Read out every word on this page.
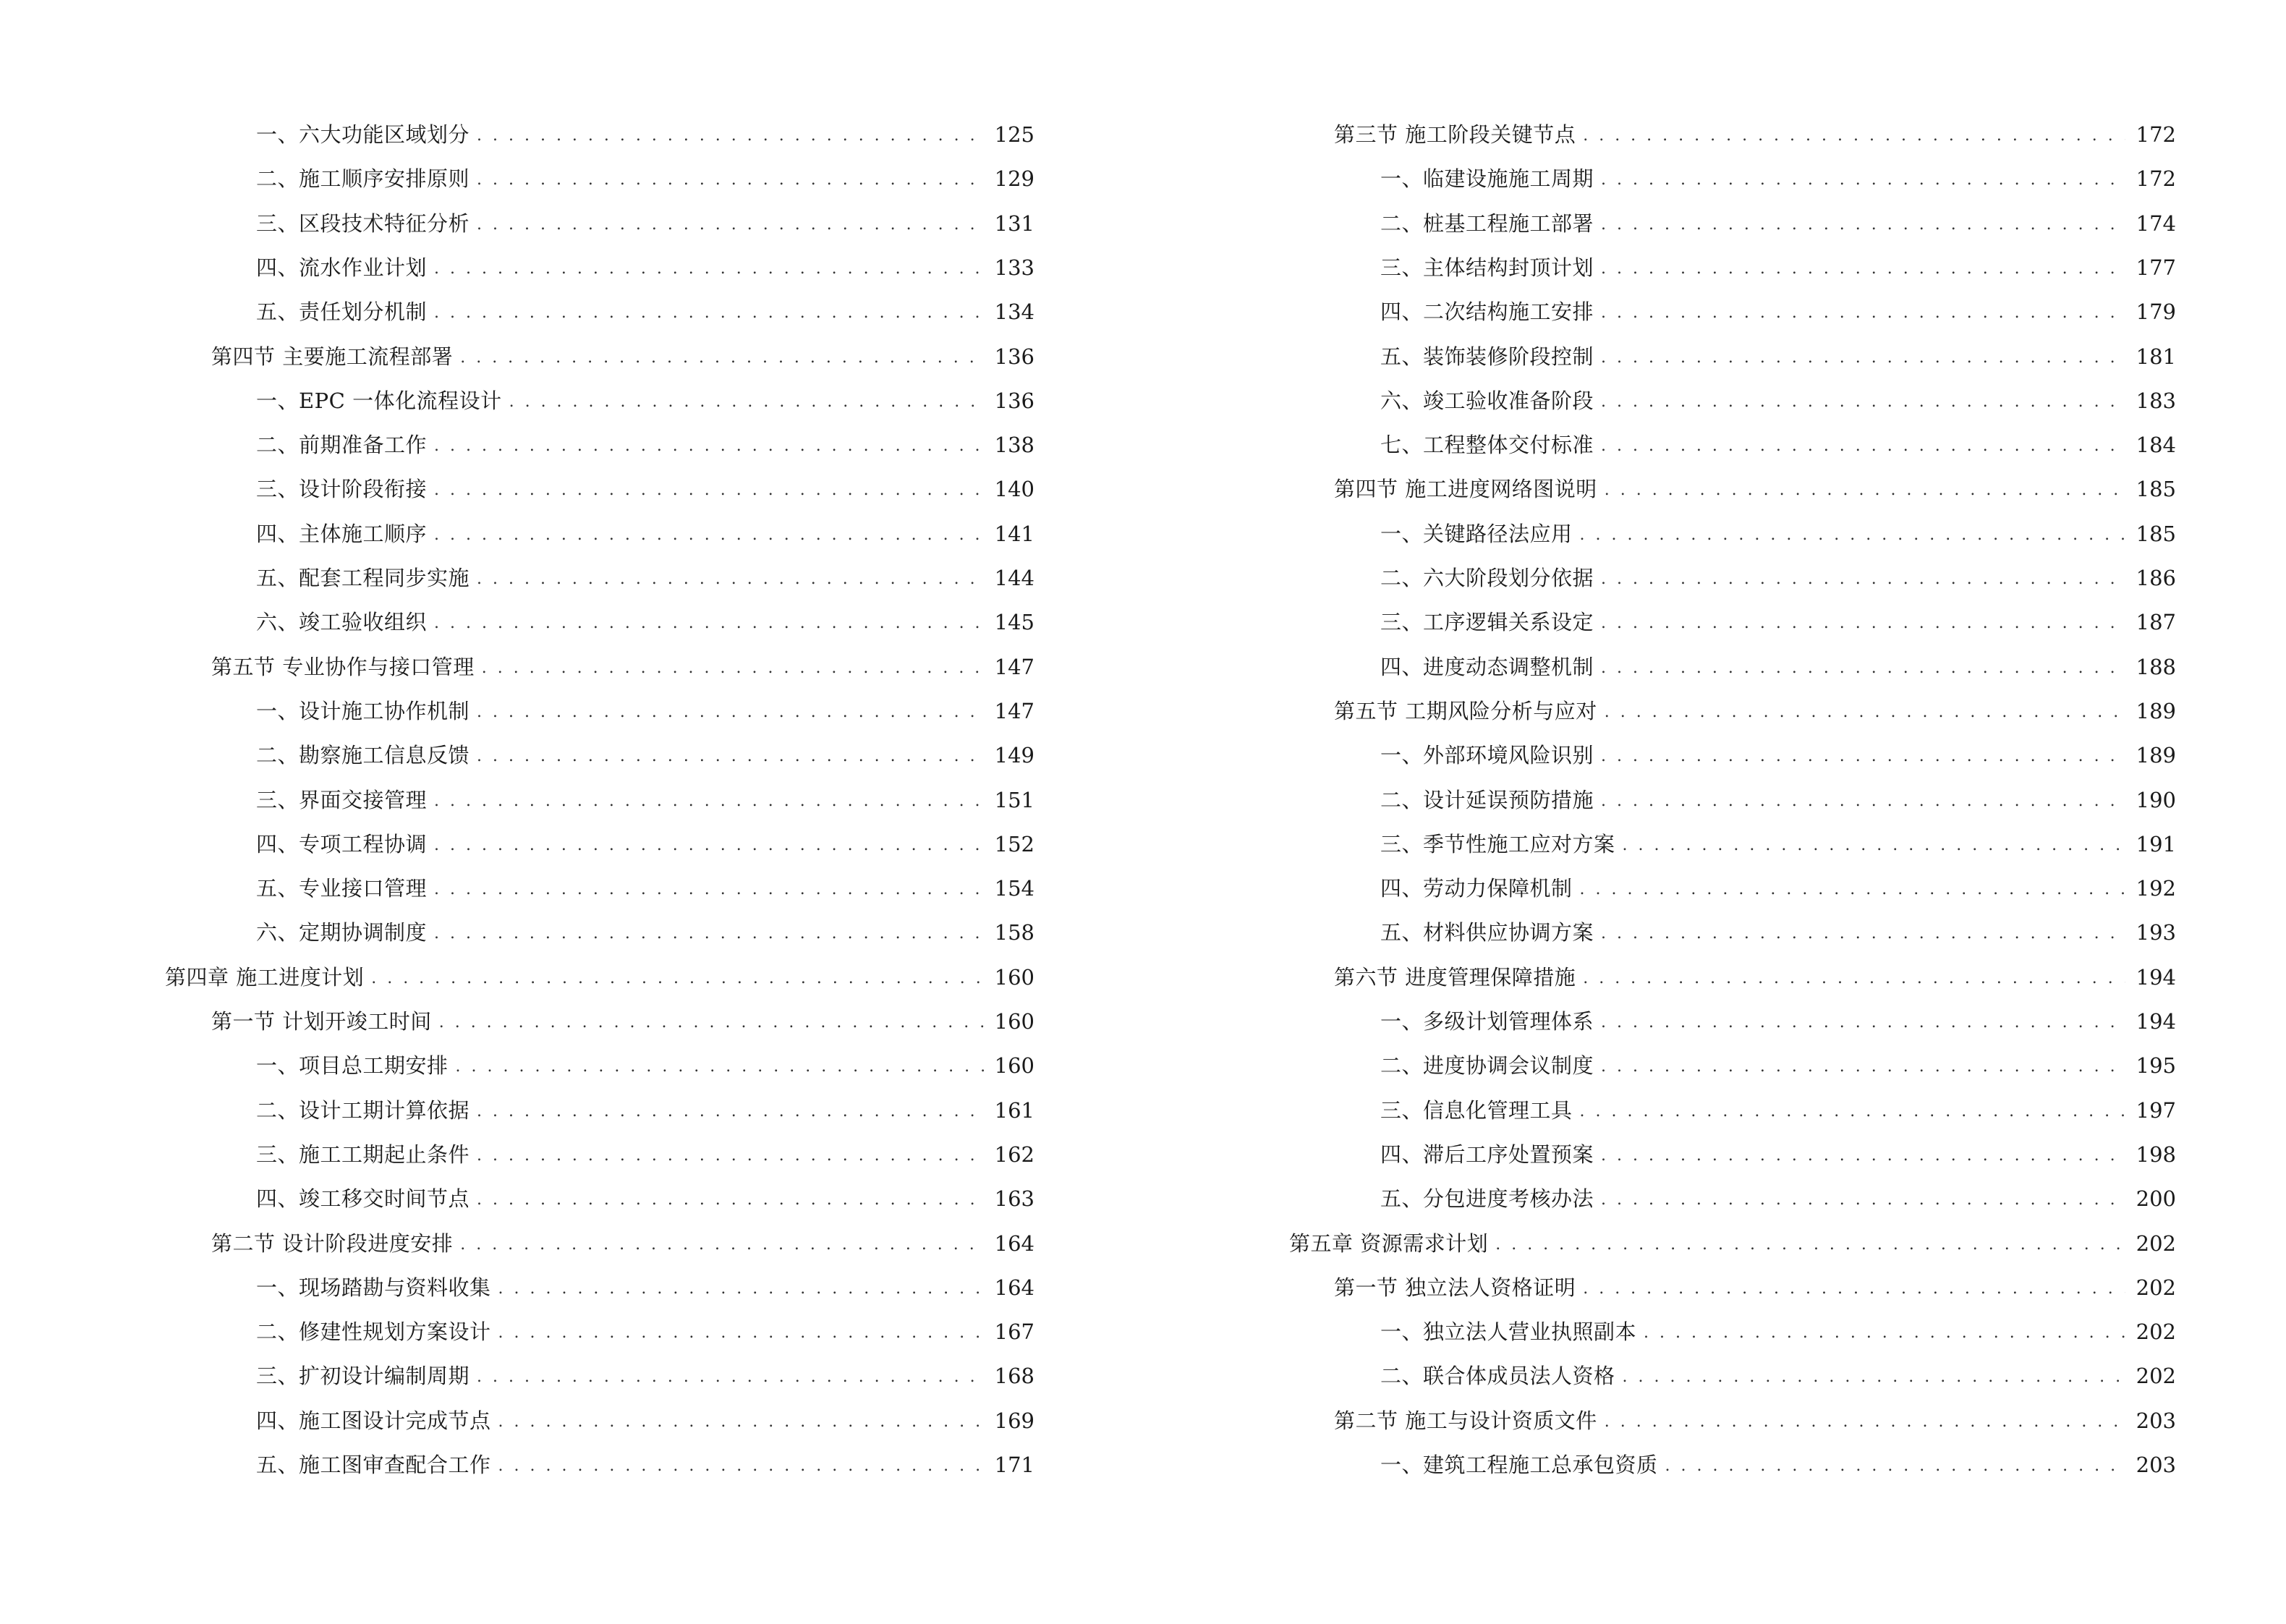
一、六大功能区域划分 . . .	125
二、施工顺序安排原则 . . .	129
三、区段技术特征分析 . . .	131
四、流水作业计划 . . .	133
五、责任划分机制 . . .	134
第四节 主要施工流程部署 . . .	136
一、EPC 一体化流程设计 . . .	136
二、前期准备工作 . . .	138
三、设计阶段衔接 . . .	140
四、主体施工顺序 . . .	141
五、配套工程同步实施 . . .	144
六、竣工验收组织 . . .	145
第五节 专业协作与接口管理 . . .	147
一、设计施工协作机制 . . .	147
二、勘察施工信息反馈 . . .	149
三、界面交接管理 . . .	151
四、专项工程协调 . . .	152
五、专业接口管理 . . .	154
六、定期协调制度 . . .	158
第四章 施工进度计划 . . .	160
第一节 计划开竣工时间 . . .	160
一、项目总工期安排 . . .	160
二、设计工期计算依据 . . .	161
三、施工工期起止条件 . . .	162
四、竣工移交时间节点 . . .	163
第二节 设计阶段进度安排 . . .	164
一、现场踏勘与资料收集 . . .	164
二、修建性规划方案设计 . . .	167
三、扩初设计编制周期 . . .	168
四、施工图设计完成节点 . . .	169
五、施工图审查配合工作 . . .	171
第三节 施工阶段关键节点 . . .	172
一、临建设施施工周期 . . .	172
二、桩基工程施工部署 . . .	174
三、主体结构封顶计划 . . .	177
四、二次结构施工安排 . . .	179
五、装饰装修阶段控制 . . .	181
六、竣工验收准备阶段 . . .	183
七、工程整体交付标准 . . .	184
第四节 施工进度网络图说明 . . .	185
一、关键路径法应用 . . .	185
二、六大阶段划分依据 . . .	186
三、工序逻辑关系设定 . . .	187
四、进度动态调整机制 . . .	188
第五节 工期风险分析与应对 . . .	189
一、外部环境风险识别 . . .	189
二、设计延误预防措施 . . .	190
三、季节性施工应对方案 . . .	191
四、劳动力保障机制 . . .	192
五、材料供应协调方案 . . .	193
第六节 进度管理保障措施 . . .	194
一、多级计划管理体系 . . .	194
二、进度协调会议制度 . . .	195
三、信息化管理工具 . . .	197
四、滞后工序处置预案 . . .	198
五、分包进度考核办法 . . .	200
第五章 资源需求计划 . . .	202
第一节 独立法人资格证明 . . .	202
一、独立法人营业执照副本 . . .	202
二、联合体成员法人资格 . . .	202
第二节 施工与设计资质文件 . . .	203
一、建筑工程施工总承包资质 . . .	203
